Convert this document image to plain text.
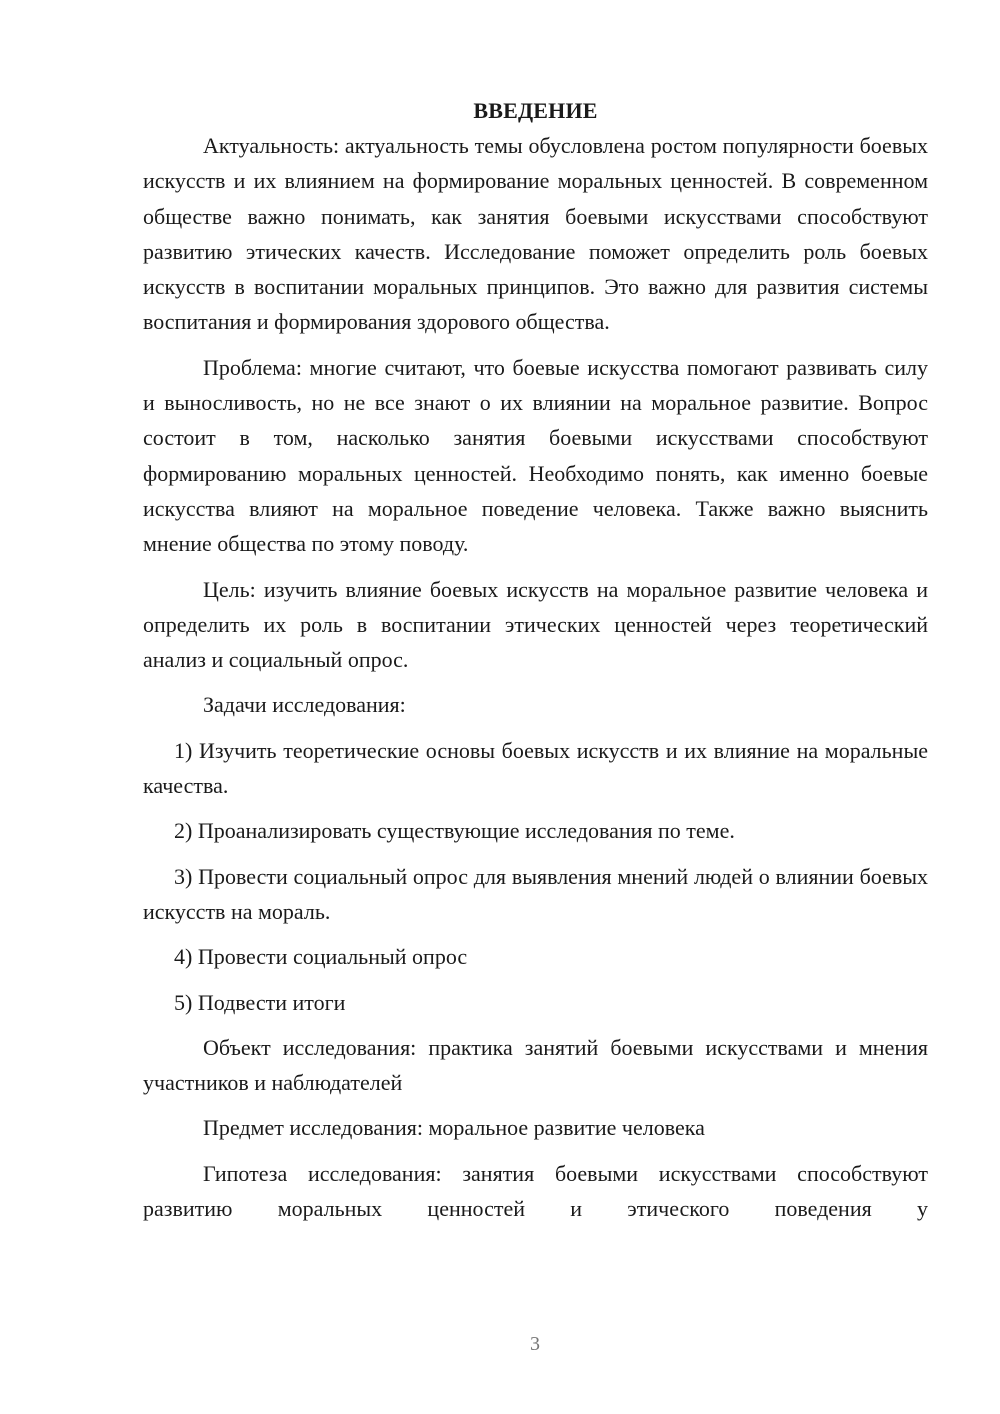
ВВЕДЕНИЕ

Актуальность: актуальность темы обусловлена ростом популярности боевых искусств и их влиянием на формирование моральных ценностей. В современном обществе важно понимать, как занятия боевыми искусствами способствуют развитию этических качеств. Исследование поможет определить роль боевых искусств в воспитании моральных принципов. Это важно для развития системы воспитания и формирования здорового общества.

Проблема: многие считают, что боевые искусства помогают развивать силу и выносливость, но не все знают о их влиянии на моральное развитие. Вопрос состоит в том, насколько занятия боевыми искусствами способствуют формированию моральных ценностей. Необходимо понять, как именно боевые искусства влияют на моральное поведение человека. Также важно выяснить мнение общества по этому поводу.

Цель: изучить влияние боевых искусств на моральное развитие человека и определить их роль в воспитании этических ценностей через теоретический анализ и социальный опрос.

Задачи исследования:

1) Изучить теоретические основы боевых искусств и их влияние на моральные качества.

2) Проанализировать существующие исследования по теме.

3) Провести социальный опрос для выявления мнений людей о влиянии боевых искусств на мораль.

4) Провести социальный опрос

5) Подвести итоги

Объект исследования: практика занятий боевыми искусствами и мнения участников и наблюдателей

Предмет исследования: моральное развитие человека

Гипотеза исследования: занятия боевыми искусствами способствуют развитию моральных ценностей и этического поведения у

3
